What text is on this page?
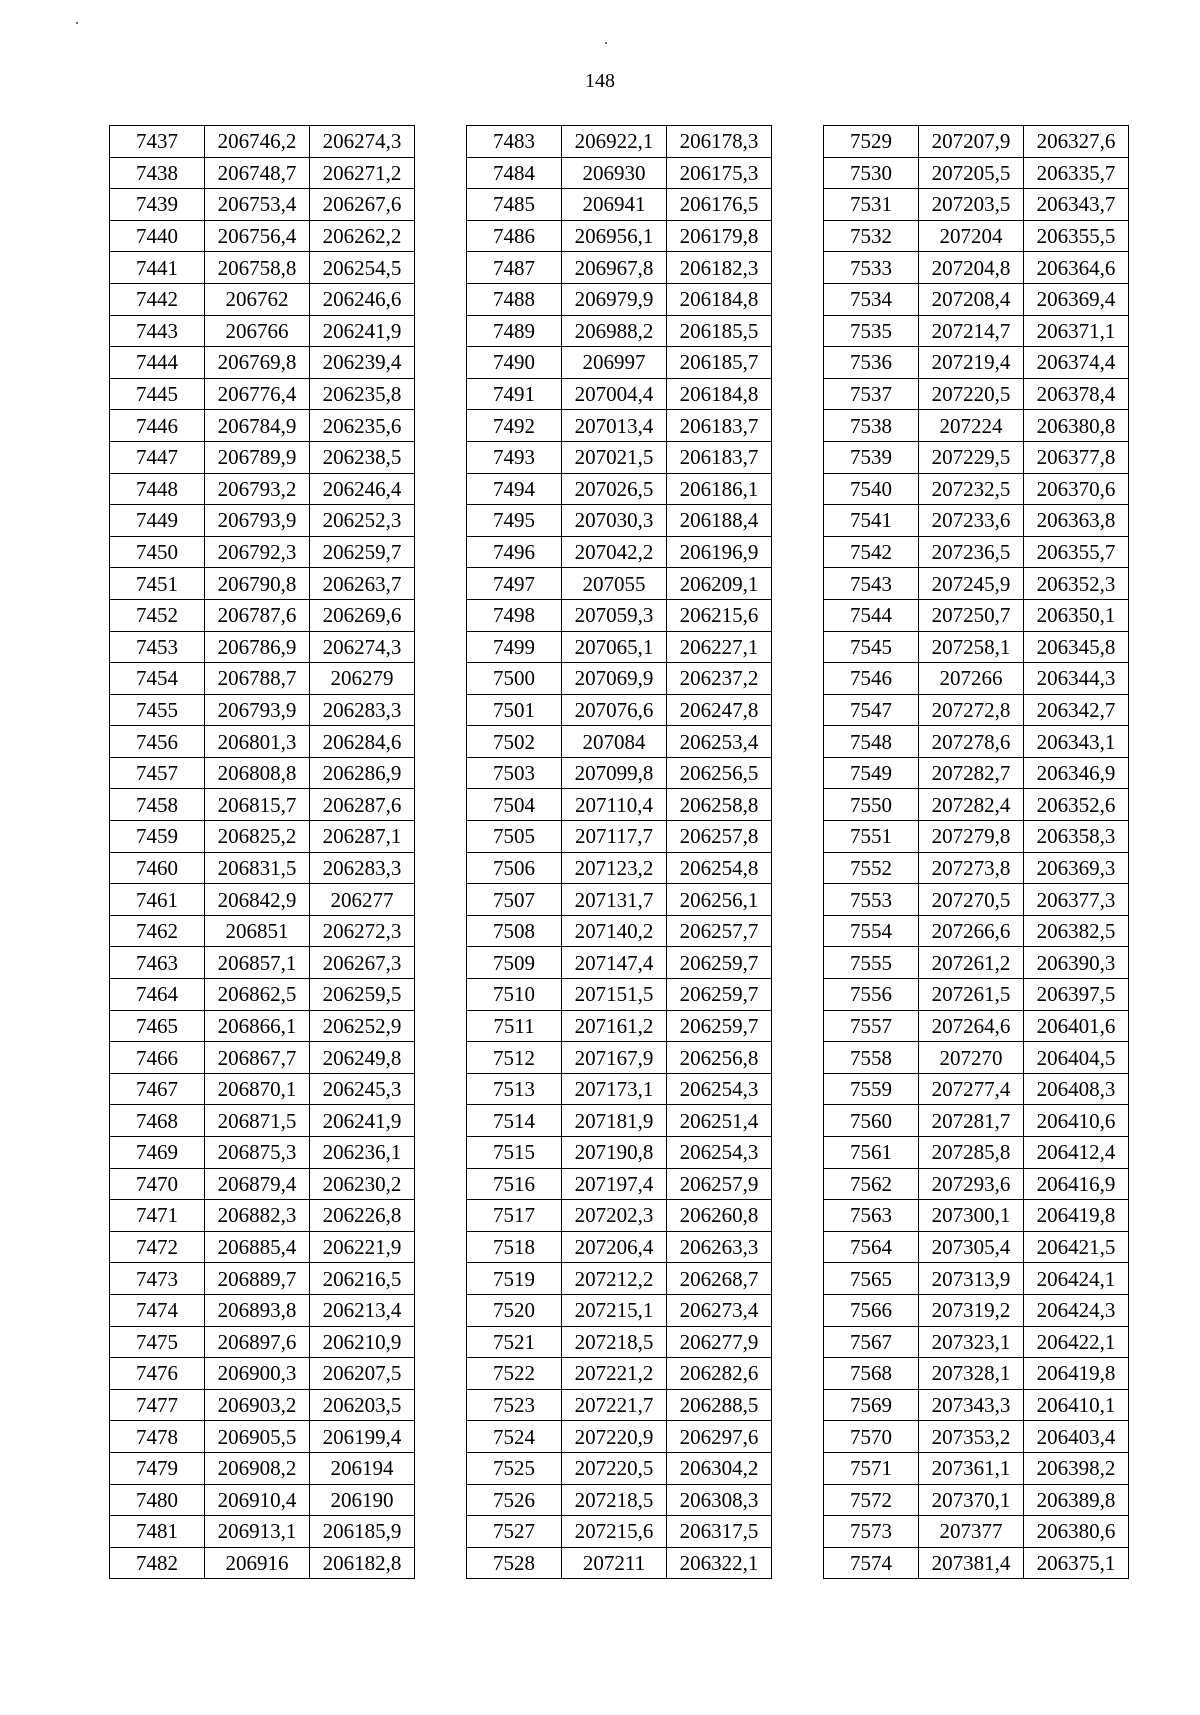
148
7437	206746,2	206274,3
7438	206748,7	206271,2
7439	206753,4	206267,6
7440	206756,4	206262,2
7441	206758,8	206254,5
7442	206762	206246,6
7443	206766	206241,9
7444	206769,8	206239,4
7445	206776,4	206235,8
7446	206784,9	206235,6
7447	206789,9	206238,5
7448	206793,2	206246,4
7449	206793,9	206252,3
7450	206792,3	206259,7
7451	206790,8	206263,7
7452	206787,6	206269,6
7453	206786,9	206274,3
7454	206788,7	206279
7455	206793,9	206283,3
7456	206801,3	206284,6
7457	206808,8	206286,9
7458	206815,7	206287,6
7459	206825,2	206287,1
7460	206831,5	206283,3
7461	206842,9	206277
7462	206851	206272,3
7463	206857,1	206267,3
7464	206862,5	206259,5
7465	206866,1	206252,9
7466	206867,7	206249,8
7467	206870,1	206245,3
7468	206871,5	206241,9
7469	206875,3	206236,1
7470	206879,4	206230,2
7471	206882,3	206226,8
7472	206885,4	206221,9
7473	206889,7	206216,5
7474	206893,8	206213,4
7475	206897,6	206210,9
7476	206900,3	206207,5
7477	206903,2	206203,5
7478	206905,5	206199,4
7479	206908,2	206194
7480	206910,4	206190
7481	206913,1	206185,9
7482	206916	206182,8
7483	206922,1	206178,3
7484	206930	206175,3
7485	206941	206176,5
7486	206956,1	206179,8
7487	206967,8	206182,3
7488	206979,9	206184,8
7489	206988,2	206185,5
7490	206997	206185,7
7491	207004,4	206184,8
7492	207013,4	206183,7
7493	207021,5	206183,7
7494	207026,5	206186,1
7495	207030,3	206188,4
7496	207042,2	206196,9
7497	207055	206209,1
7498	207059,3	206215,6
7499	207065,1	206227,1
7500	207069,9	206237,2
7501	207076,6	206247,8
7502	207084	206253,4
7503	207099,8	206256,5
7504	207110,4	206258,8
7505	207117,7	206257,8
7506	207123,2	206254,8
7507	207131,7	206256,1
7508	207140,2	206257,7
7509	207147,4	206259,7
7510	207151,5	206259,7
7511	207161,2	206259,7
7512	207167,9	206256,8
7513	207173,1	206254,3
7514	207181,9	206251,4
7515	207190,8	206254,3
7516	207197,4	206257,9
7517	207202,3	206260,8
7518	207206,4	206263,3
7519	207212,2	206268,7
7520	207215,1	206273,4
7521	207218,5	206277,9
7522	207221,2	206282,6
7523	207221,7	206288,5
7524	207220,9	206297,6
7525	207220,5	206304,2
7526	207218,5	206308,3
7527	207215,6	206317,5
7528	207211	206322,1
7529	207207,9	206327,6
7530	207205,5	206335,7
7531	207203,5	206343,7
7532	207204	206355,5
7533	207204,8	206364,6
7534	207208,4	206369,4
7535	207214,7	206371,1
7536	207219,4	206374,4
7537	207220,5	206378,4
7538	207224	206380,8
7539	207229,5	206377,8
7540	207232,5	206370,6
7541	207233,6	206363,8
7542	207236,5	206355,7
7543	207245,9	206352,3
7544	207250,7	206350,1
7545	207258,1	206345,8
7546	207266	206344,3
7547	207272,8	206342,7
7548	207278,6	206343,1
7549	207282,7	206346,9
7550	207282,4	206352,6
7551	207279,8	206358,3
7552	207273,8	206369,3
7553	207270,5	206377,3
7554	207266,6	206382,5
7555	207261,2	206390,3
7556	207261,5	206397,5
7557	207264,6	206401,6
7558	207270	206404,5
7559	207277,4	206408,3
7560	207281,7	206410,6
7561	207285,8	206412,4
7562	207293,6	206416,9
7563	207300,1	206419,8
7564	207305,4	206421,5
7565	207313,9	206424,1
7566	207319,2	206424,3
7567	207323,1	206422,1
7568	207328,1	206419,8
7569	207343,3	206410,1
7570	207353,2	206403,4
7571	207361,1	206398,2
7572	207370,1	206389,8
7573	207377	206380,6
7574	207381,4	206375,1
